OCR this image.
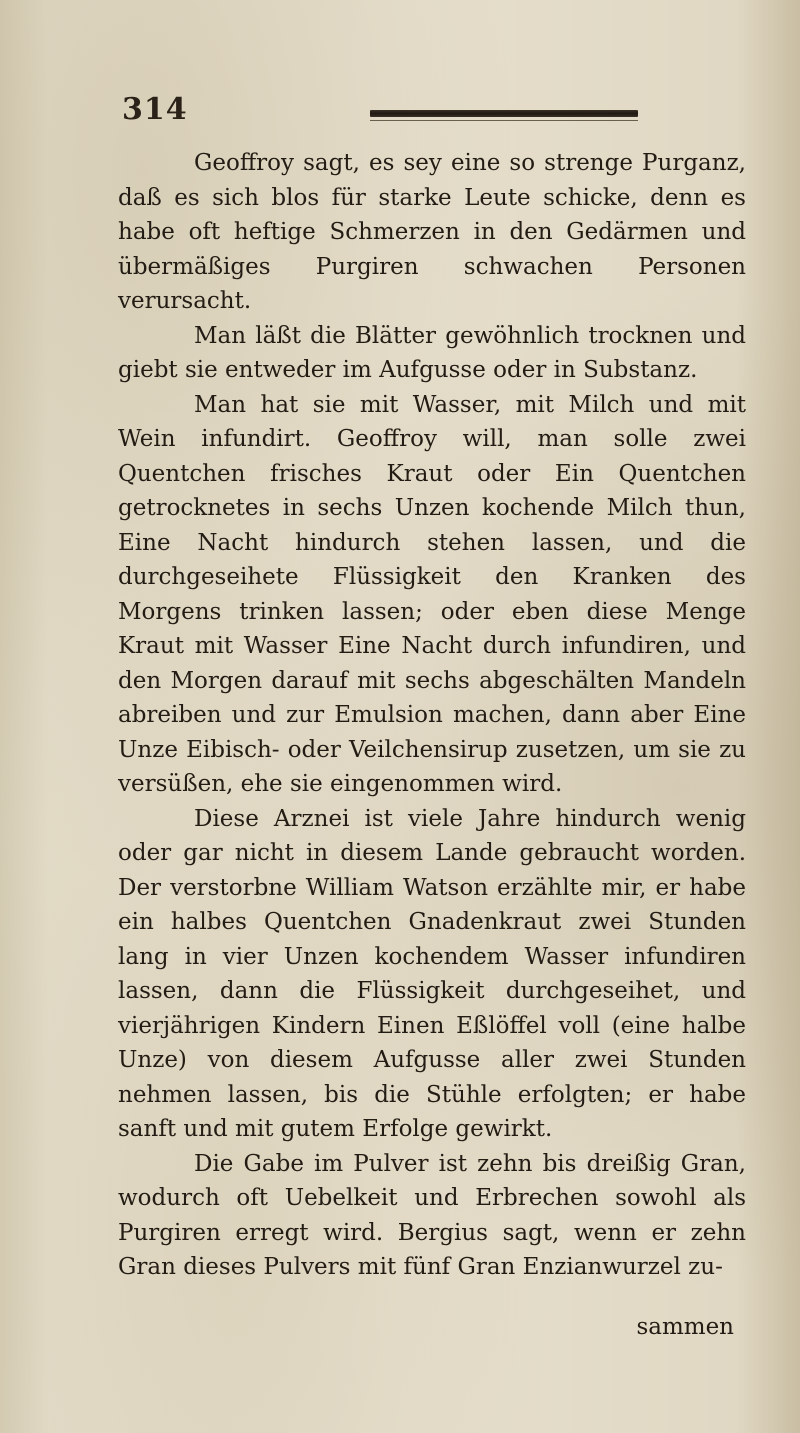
314

Geoffroy sagt, es sey eine so strenge Purganz, daß es sich blos für starke Leute schicke, denn es habe oft heftige Schmerzen in den Gedärmen und übermäßiges Purgiren schwachen Personen verursacht.

Man läßt die Blätter gewöhnlich trocknen und giebt sie entweder im Aufgusse oder in Substanz.

Man hat sie mit Wasser, mit Milch und mit Wein infundirt. Geoffroy will, man solle zwei Quentchen frisches Kraut oder Ein Quentchen getrocknetes in sechs Unzen kochende Milch thun, Eine Nacht hindurch stehen lassen, und die durchgeseihete Flüssigkeit den Kranken des Morgens trinken lassen; oder eben diese Menge Kraut mit Wasser Eine Nacht durch infundiren, und den Morgen darauf mit sechs abgeschälten Mandeln abreiben und zur Emulsion machen, dann aber Eine Unze Eibisch- oder Veilchensirup zusetzen, um sie zu versüßen, ehe sie eingenommen wird.

Diese Arznei ist viele Jahre hindurch wenig oder gar nicht in diesem Lande gebraucht worden. Der verstorbne William Watson erzählte mir, er habe ein halbes Quentchen Gnadenkraut zwei Stunden lang in vier Unzen kochendem Wasser infundiren lassen, dann die Flüssigkeit durchgeseihet, und vierjährigen Kindern Einen Eßlöffel voll (eine halbe Unze) von diesem Aufgusse aller zwei Stunden nehmen lassen, bis die Stühle erfolgten; er habe sanft und mit gutem Erfolge gewirkt.

Die Gabe im Pulver ist zehn bis dreißig Gran, wodurch oft Uebelkeit und Erbrechen sowohl als Purgiren erregt wird. Bergius sagt, wenn er zehn Gran dieses Pulvers mit fünf Gran Enzianwurzel zu-

sammen
